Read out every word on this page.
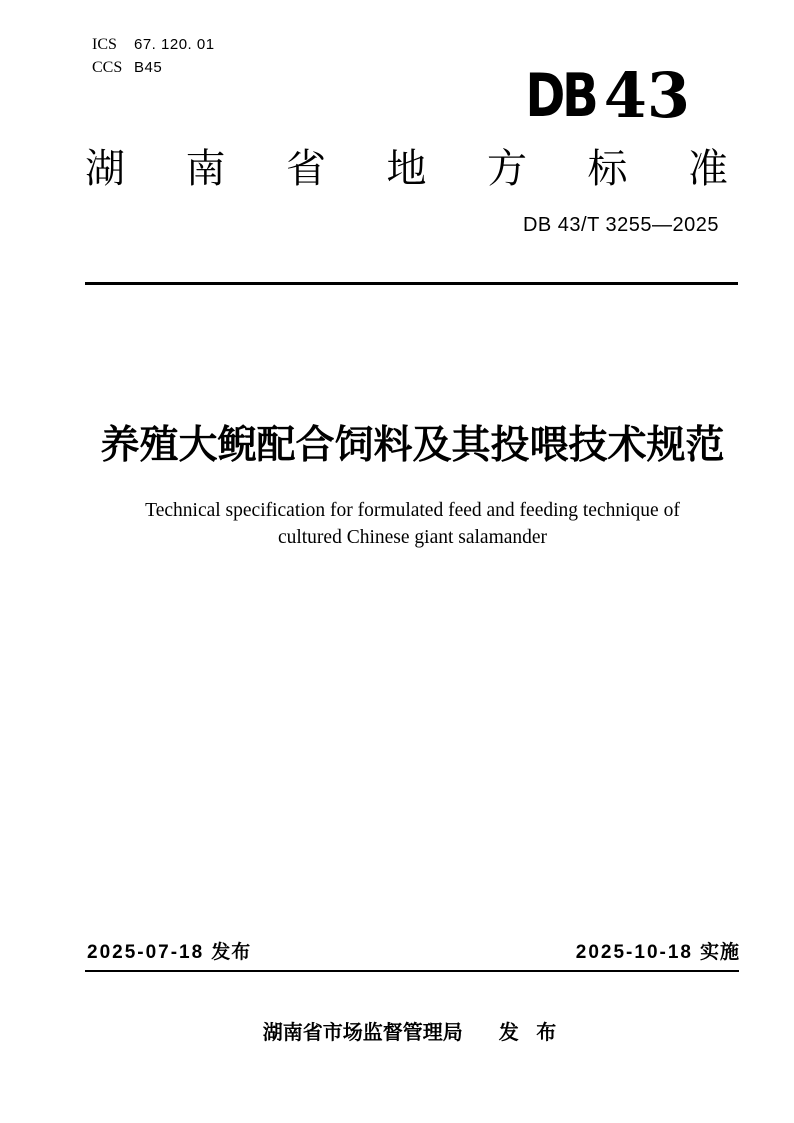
ICS 67. 120. 01
CCS B45	DB 43
湖 南 省 地 方 标 准
DB 43/T 3255—2025
养殖大鲵配合饲料及其投喂技术规范
Technical specification for formulated feed and feeding technique of
cultured Chinese giant salamander
2025-07-18 发布	2025-10-18 实施
湖南省市场监督管理局 发 布
